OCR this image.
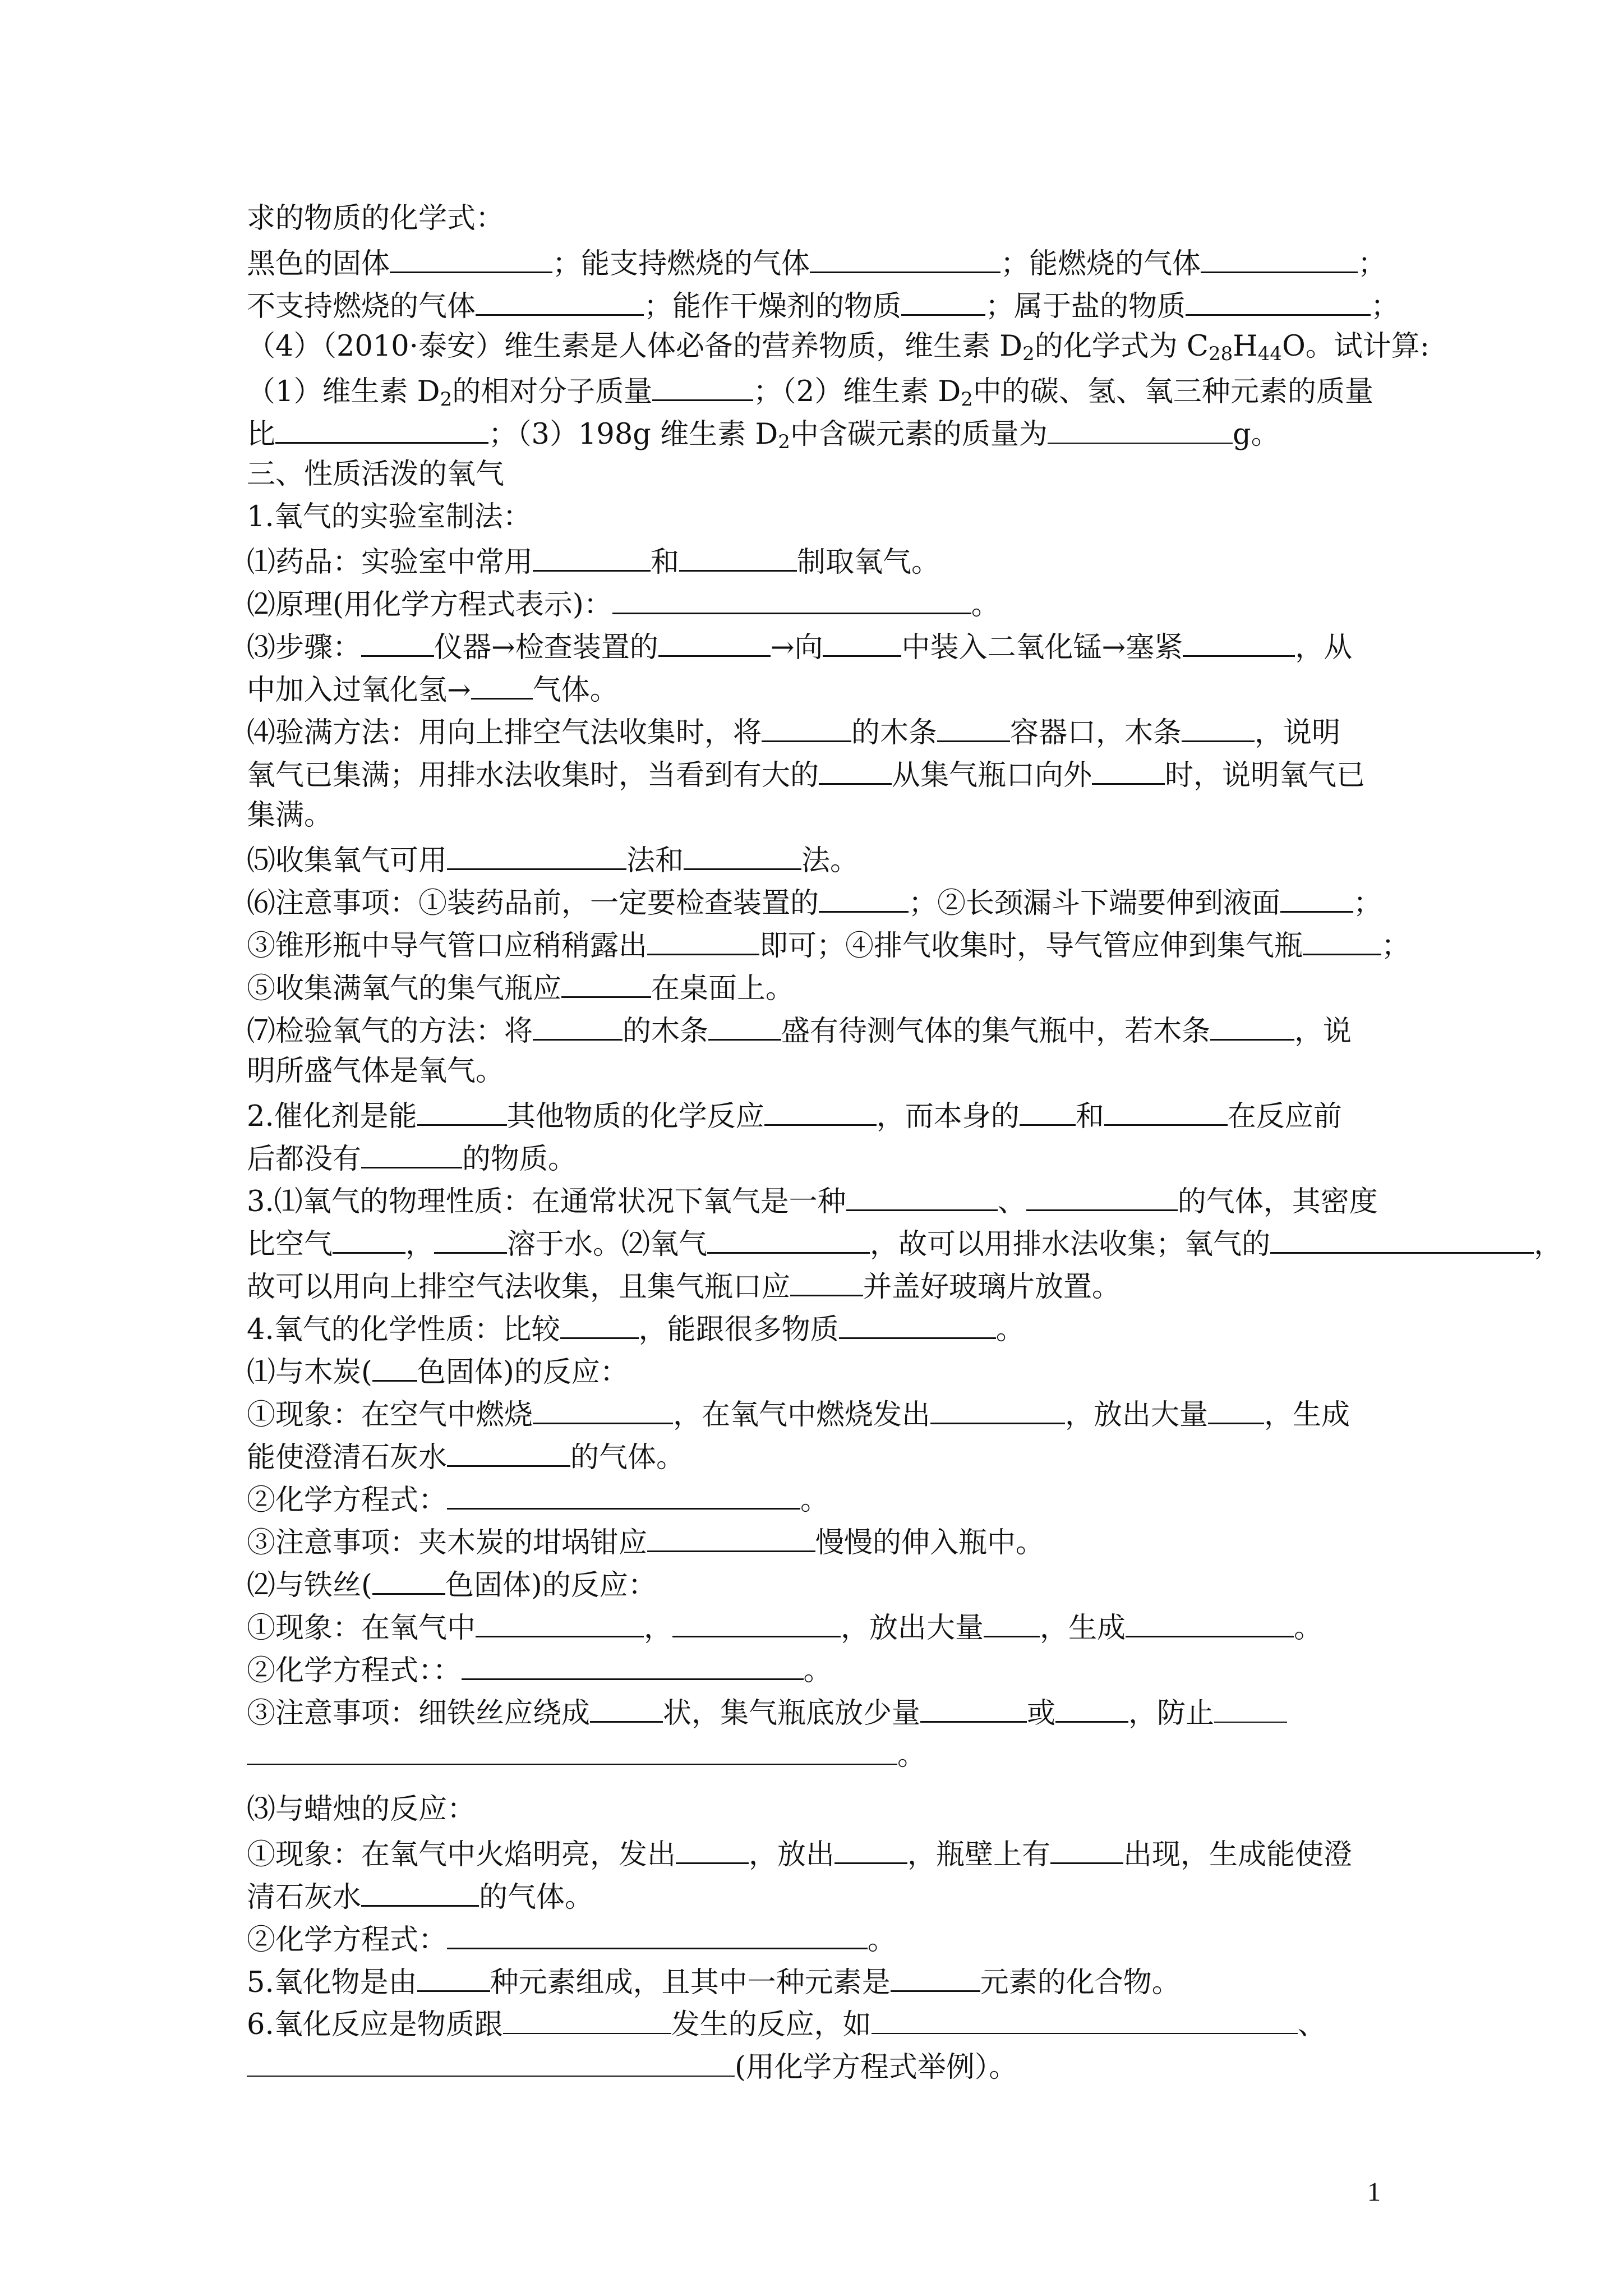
求的物质的化学式：
黑色的固体	；能支持燃烧的气体	；能燃烧的气体	；
不支持燃烧的气体	；能作干燥剂的物质	；属于盐的物质	；
（4）（2010·泰安）维生素是人体必备的营养物质，维生素 $D_2$的化学式为 $C_{28}H_{44}O$。试计算:
（1）维生素 $D_2$的相对分子质量	；（2）维生素 $D_2$中的碳、氢、氧三种元素的质量
比	；（3）198g 维生素 $D_2$中含碳元素的质量为	g。
三、性质活泼的氧气
1.氧气的实验室制法：
⑴药品：实验室中常用	和	制取氧气。
⑵原理(用化学方程式表示)：	。
⑶步骤：	仪器→检查装置的	→向	中装入二氧化锰→塞紧	，从
中加入过氧化氢→ 气体。
⑷验满方法：用向上排空气法收集时，将	的木条	容器口，木条	，说明
氧气已集满；用排水法收集时，当看到有大的	从集气瓶口向外	时，说明氧气已
集满。
⑸收集氧气可用	法和	法。
⑹注意事项：①装药品前，一定要检查装置的	；②长颈漏斗下端要伸到液面	；
③锥形瓶中导气管口应稍稍露出	即可；④排气收集时，导气管应伸到集气瓶	；
⑤收集满氧气的集气瓶应	在桌面上。
⑺检验氧气的方法：将	的木条	盛有待测气体的集气瓶中，若木条	，说
明所盛气体是氧气。
2.催化剂是能	其他物质的化学反应	，而本身的 和	在反应前
后都没有	的物质。
3.⑴氧气的物理性质：在通常状况下氧气是一种	、	的气体，其密度
比空气	，	溶于水。⑵氧气	，故可以用排水法收集；氧气的	，
故可以用向上排空气法收集，且集气瓶口应	并盖好玻璃片放置。
4.氧气的化学性质：比较	，能跟很多物质	。
⑴与木炭( 色固体)的反应：
①现象：在空气中燃烧	，在氧气中燃烧发出	，放出大量 ，生成
能使澄清石灰水	的气体。
②化学方程式：	。
③注意事项：夹木炭的坩埚钳应	慢慢的伸入瓶中。
⑵与铁丝(	色固体)的反应：
①现象：在氧气中	，	，放出大量 ，生成	。
②化学方程式：：	。
③注意事项：细铁丝应绕成	状，集气瓶底放少量	或	，防止
。
⑶与蜡烛的反应：
①现象：在氧气中火焰明亮，发出	，放出	，瓶壁上有	出现，生成能使澄
清石灰水	的气体。
②化学方程式：	。
5.氧化物是由	种元素组成，且其中一种元素是	元素的化合物。
6.氧化反应是物质跟	发生的反应，如	、
(用化学方程式举例）。
1
